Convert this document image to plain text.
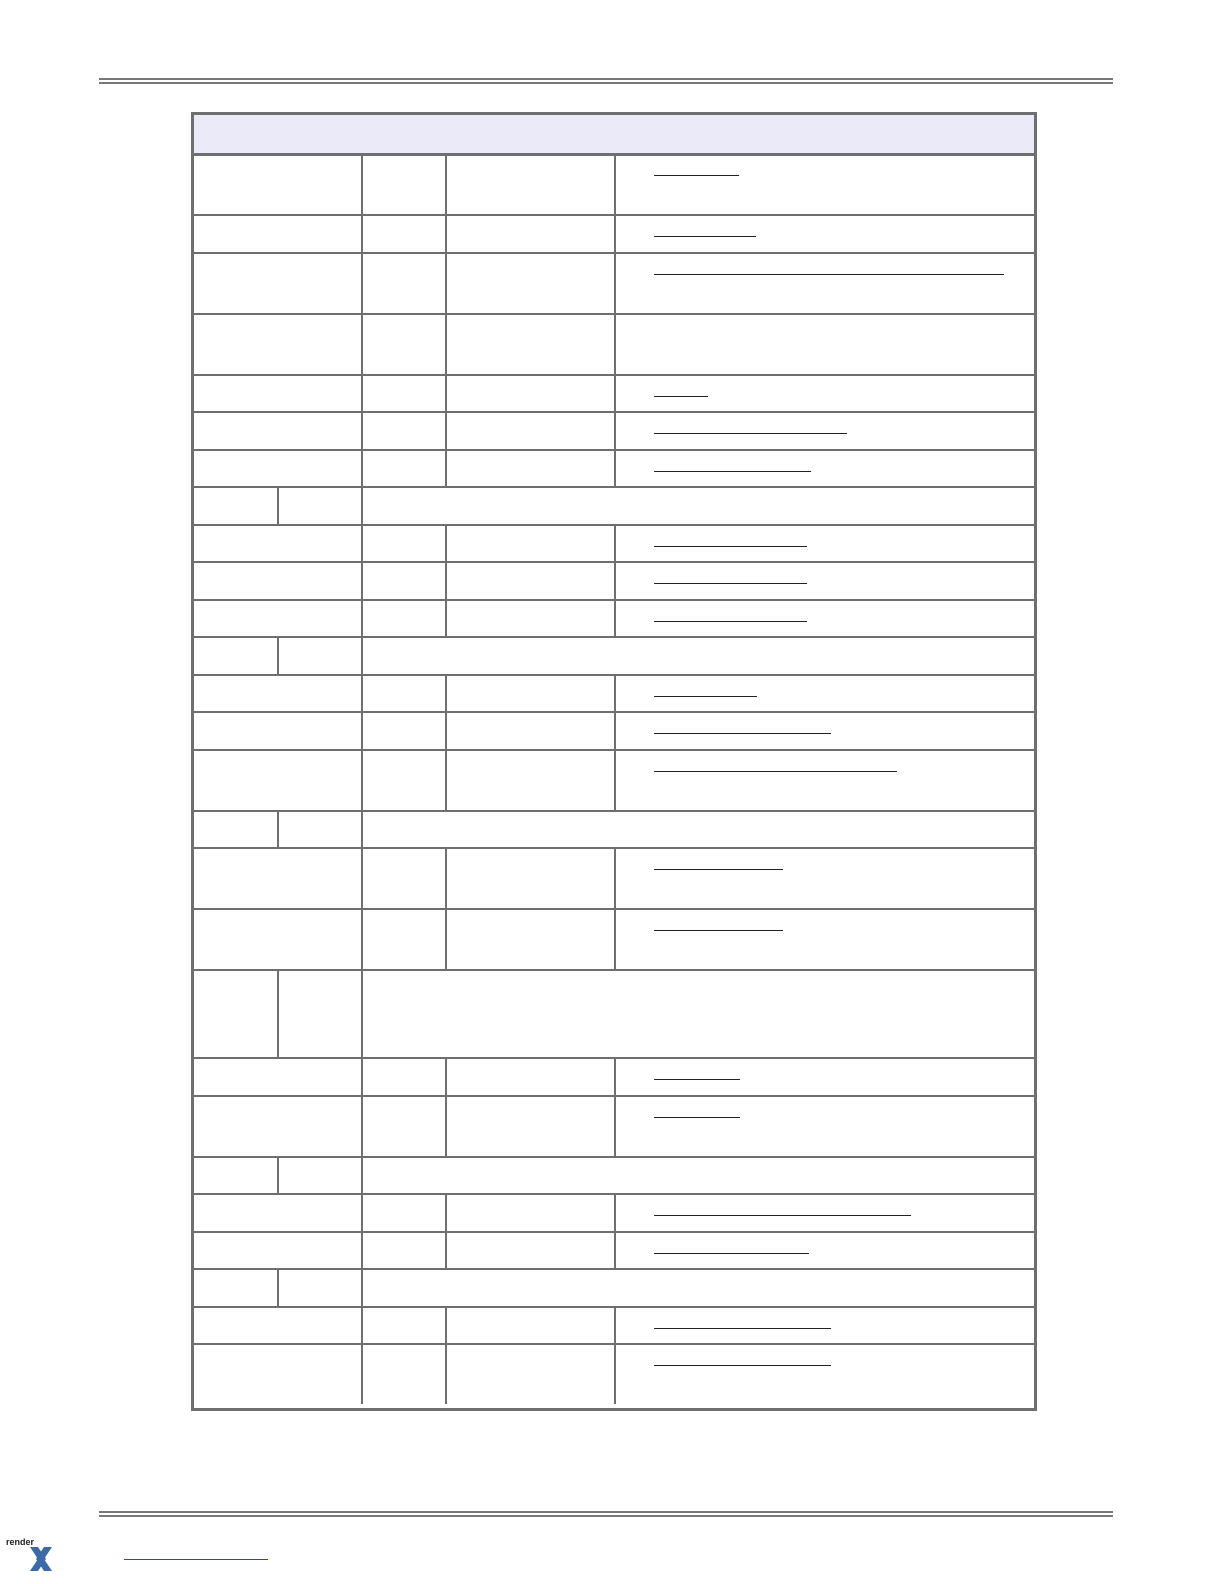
render
